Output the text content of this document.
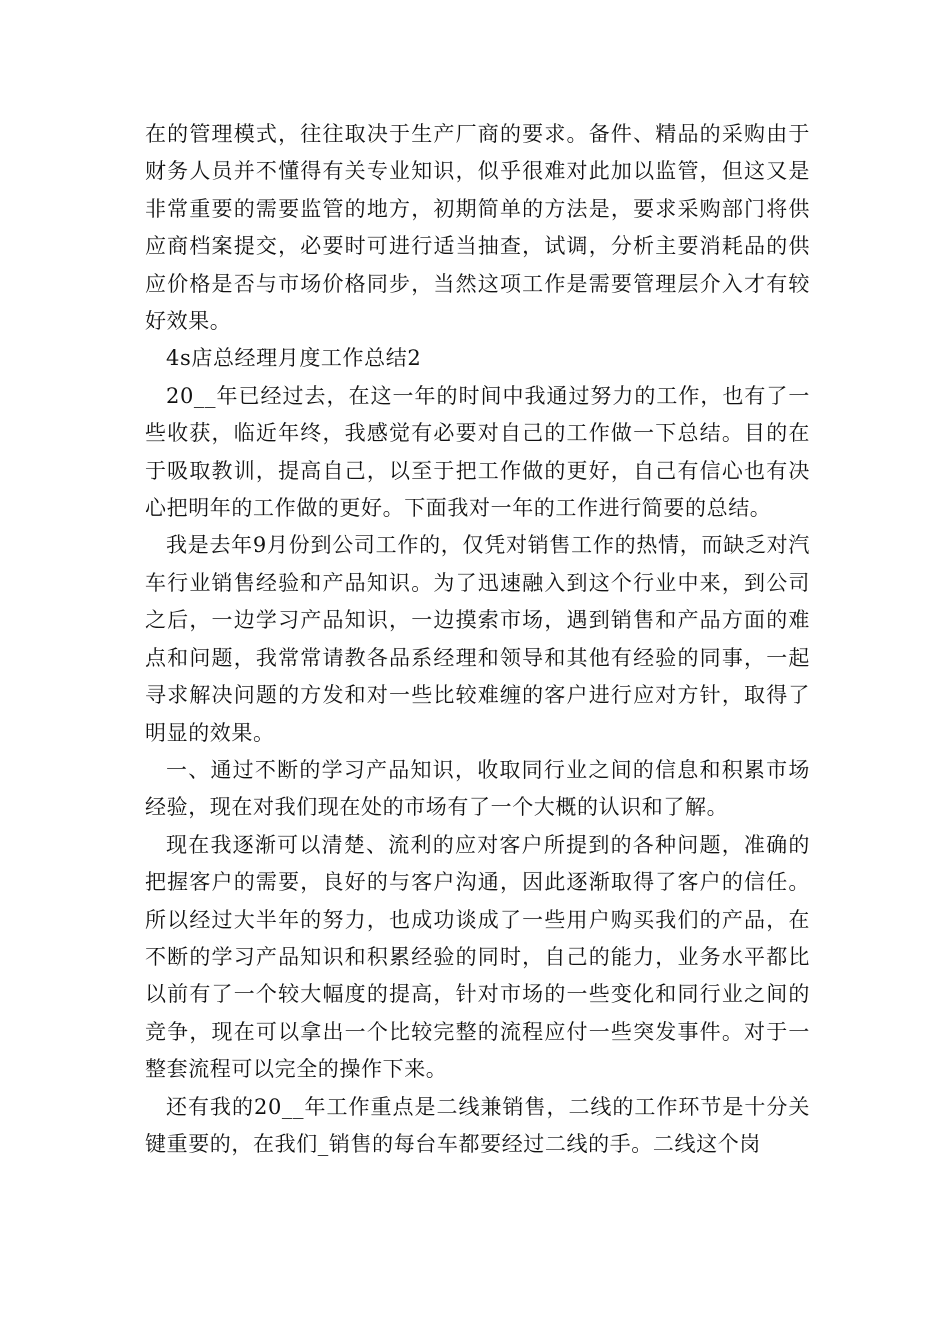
在的管理模式，往往取决于生产厂商的要求。备件、精品的采购由于财务人员并不懂得有关专业知识，似乎很难对此加以监管，但这又是非常重要的需要监管的地方，初期简单的方法是，要求采购部门将供应商档案提交，必要时可进行适当抽查，试调，分析主要消耗品的供应价格是否与市场价格同步，当然这项工作是需要管理层介入才有较好效果。

4s店总经理月度工作总结2

20__年已经过去，在这一年的时间中我通过努力的工作，也有了一些收获，临近年终，我感觉有必要对自己的工作做一下总结。目的在于吸取教训，提高自己，以至于把工作做的更好，自己有信心也有决心把明年的工作做的更好。下面我对一年的工作进行简要的总结。

我是去年9月份到公司工作的，仅凭对销售工作的热情，而缺乏对汽车行业销售经验和产品知识。为了迅速融入到这个行业中来，到公司之后，一边学习产品知识，一边摸索市场，遇到销售和产品方面的难点和问题，我常常请教各品系经理和领导和其他有经验的同事，一起寻求解决问题的方发和对一些比较难缠的客户进行应对方针，取得了明显的效果。

一、通过不断的学习产品知识，收取同行业之间的信息和积累市场经验，现在对我们现在处的市场有了一个大概的认识和了解。

现在我逐渐可以清楚、流利的应对客户所提到的各种问题，准确的把握客户的需要，良好的与客户沟通，因此逐渐取得了客户的信任。所以经过大半年的努力，也成功谈成了一些用户购买我们的产品，在不断的学习产品知识和积累经验的同时，自己的能力，业务水平都比以前有了一个较大幅度的提高，针对市场的一些变化和同行业之间的竞争，现在可以拿出一个比较完整的流程应付一些突发事件。对于一整套流程可以完全的操作下来。

还有我的20__年工作重点是二线兼销售，二线的工作环节是十分关键重要的，在我们_销售的每台车都要经过二线的手。二线这个岗
